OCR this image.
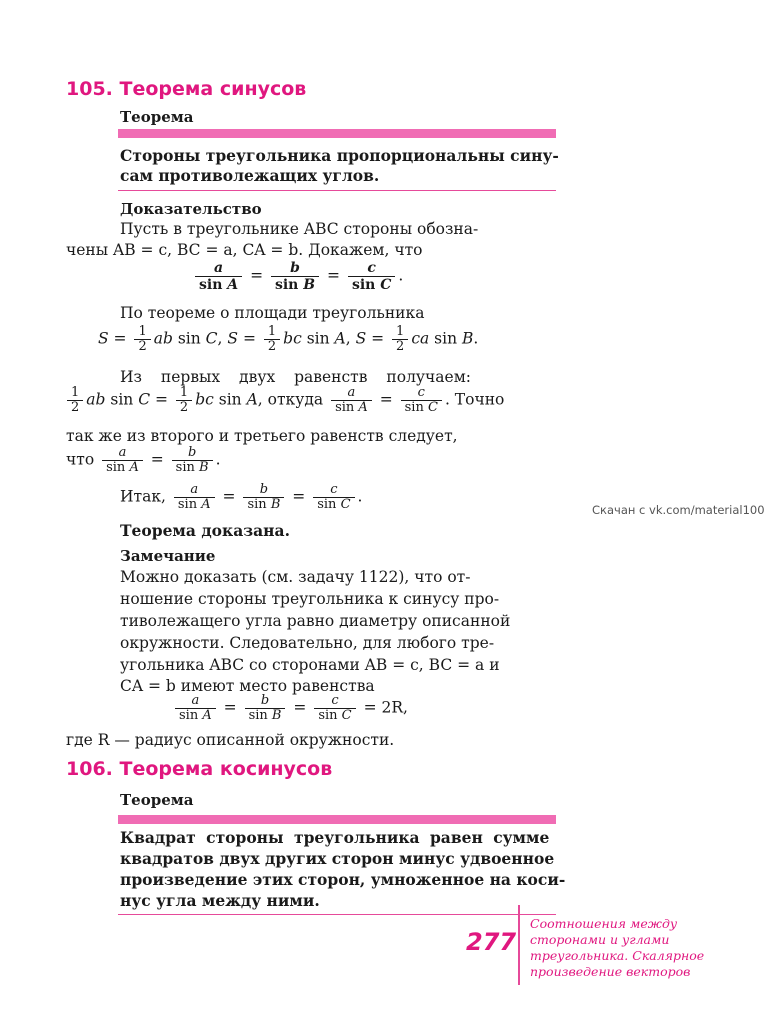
105. Теорема синусов
Теорема
Стороны треугольника пропорциональны сину-
сам противолежащих углов.
Доказательство
Пусть в треугольнике ABC стороны обозна-
чены AB = c, BC = a, CA = b. Докажем, что
$\frac{a}{\text{sin A}} = \frac{b}{\text{sin B}} = \frac{c}{\text{sin C}}$ .
По теореме о площади треугольника
$S = \frac{1}{2}$ ab sin C, $S = \frac{1}{2}$ bc sin A, $S = \frac{1}{2}$ ca sin B.
Из первых двух равенств получаем:
$\frac{1}{2}$ ab $\sin C = \frac{1}{2}$ bc sin A, откуда $\frac{a}{\text{sin A}} = \frac{c}{\text{sin C}}$ . Точно
так же из второго и третьего равенств следует,
что $\frac{a}{\text{sin A}} = \frac{b}{\text{sin B}}$ .
Итак, $\frac{a}{\text{sin A}} = \frac{b}{\text{sin B}} = \frac{c}{\text{sin C}}$ .
Теорема доказана.
Замечание
Можно доказать (см. задачу 1122), что от-
ношение стороны треугольника к синусу про-
тиволежащего угла равно диаметру описанной
окружности. Следовательно, для любого тре-
угольника ABC со сторонами AB = c, BC = a и
CA = b имеют место равенства
$\frac{a}{\text{sin A}} = \frac{b}{\text{sin B}} = \frac{c}{\text{sin C}} = 2R$,
где R — радиус описанной окружности.
106. Теорема косинусов
Теорема
Квадрат стороны треугольника равен сумме
квадратов двух других сторон минус удвоенное
произведение этих сторон, умноженное на коси-
нус угла между ними.
Скачан с vk.com/material100
277
Соотношения между
сторонами и углами
треугольника. Скалярное
произведение векторов
